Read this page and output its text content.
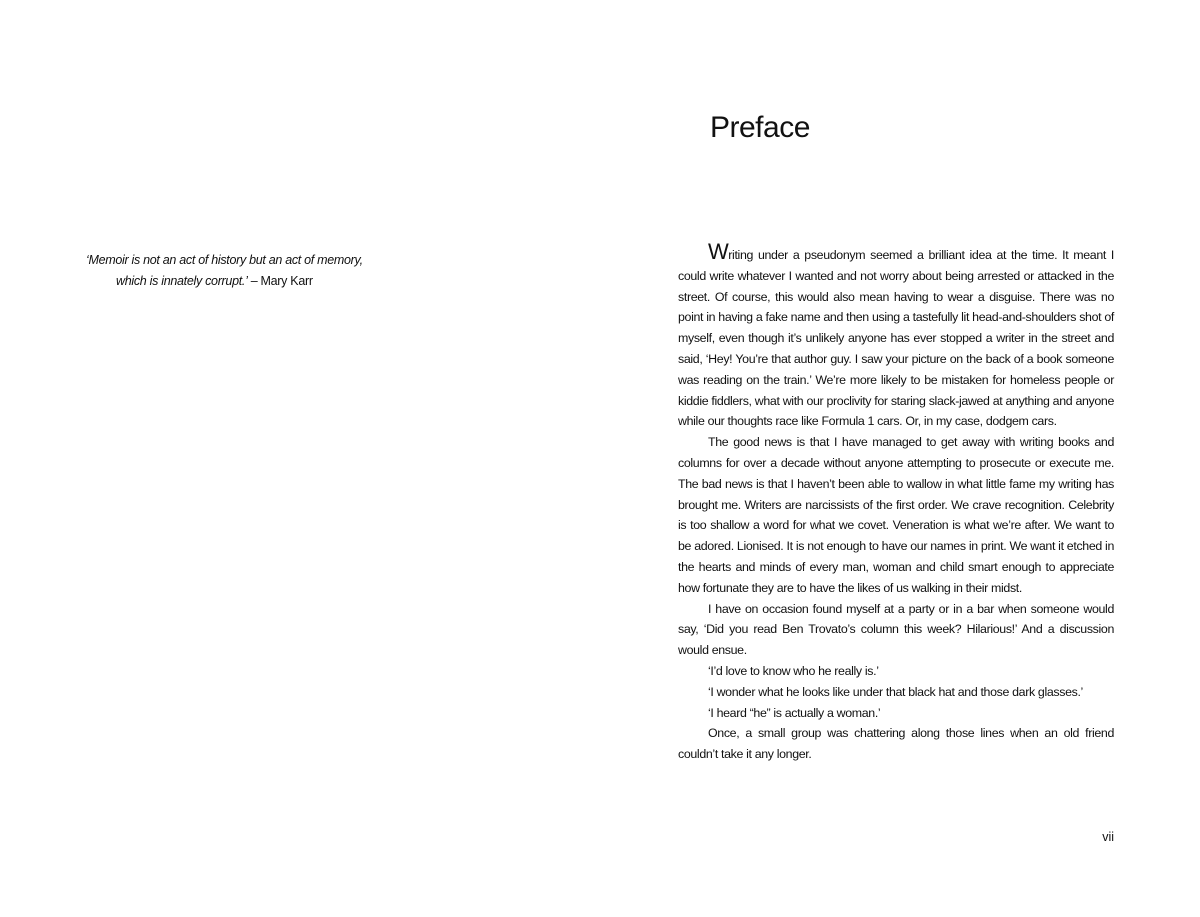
‘Memoir is not an act of history but an act of memory,
which is innately corrupt.’ – Mary Karr
Preface

Writing under a pseudonym seemed a brilliant idea at the time. It meant I could write whatever I wanted and not worry about being arrested or attacked in the street. Of course, this would also mean having to wear a disguise. There was no point in having a fake name and then using a tastefully lit head-and-shoulders shot of myself, even though it’s unlikely anyone has ever stopped a writer in the street and said, ‘Hey! You’re that author guy. I saw your picture on the back of a book someone was reading on the train.’ We’re more likely to be mistaken for homeless people or kiddie fiddlers, what with our proclivity for staring slack-jawed at anything and anyone while our thoughts race like Formula 1 cars. Or, in my case, dodgem cars.

The good news is that I have managed to get away with writing books and columns for over a decade without anyone attempting to prosecute or execute me. The bad news is that I haven’t been able to wallow in what little fame my writing has brought me. Writers are narcissists of the first order. We crave recognition. Celebrity is too shallow a word for what we covet. Veneration is what we’re after. We want to be adored. Lionised. It is not enough to have our names in print. We want it etched in the hearts and minds of every man, woman and child smart enough to appreciate how fortunate they are to have the likes of us walking in their midst.

I have on occasion found myself at a party or in a bar when someone would say, ‘Did you read Ben Trovato’s column this week? Hilarious!’ And a discussion would ensue.

‘I’d love to know who he really is.’

‘I wonder what he looks like under that black hat and those dark glasses.’

‘I heard “he” is actually a woman.’

Once, a small group was chattering along those lines when an old friend couldn’t take it any longer.

vii
